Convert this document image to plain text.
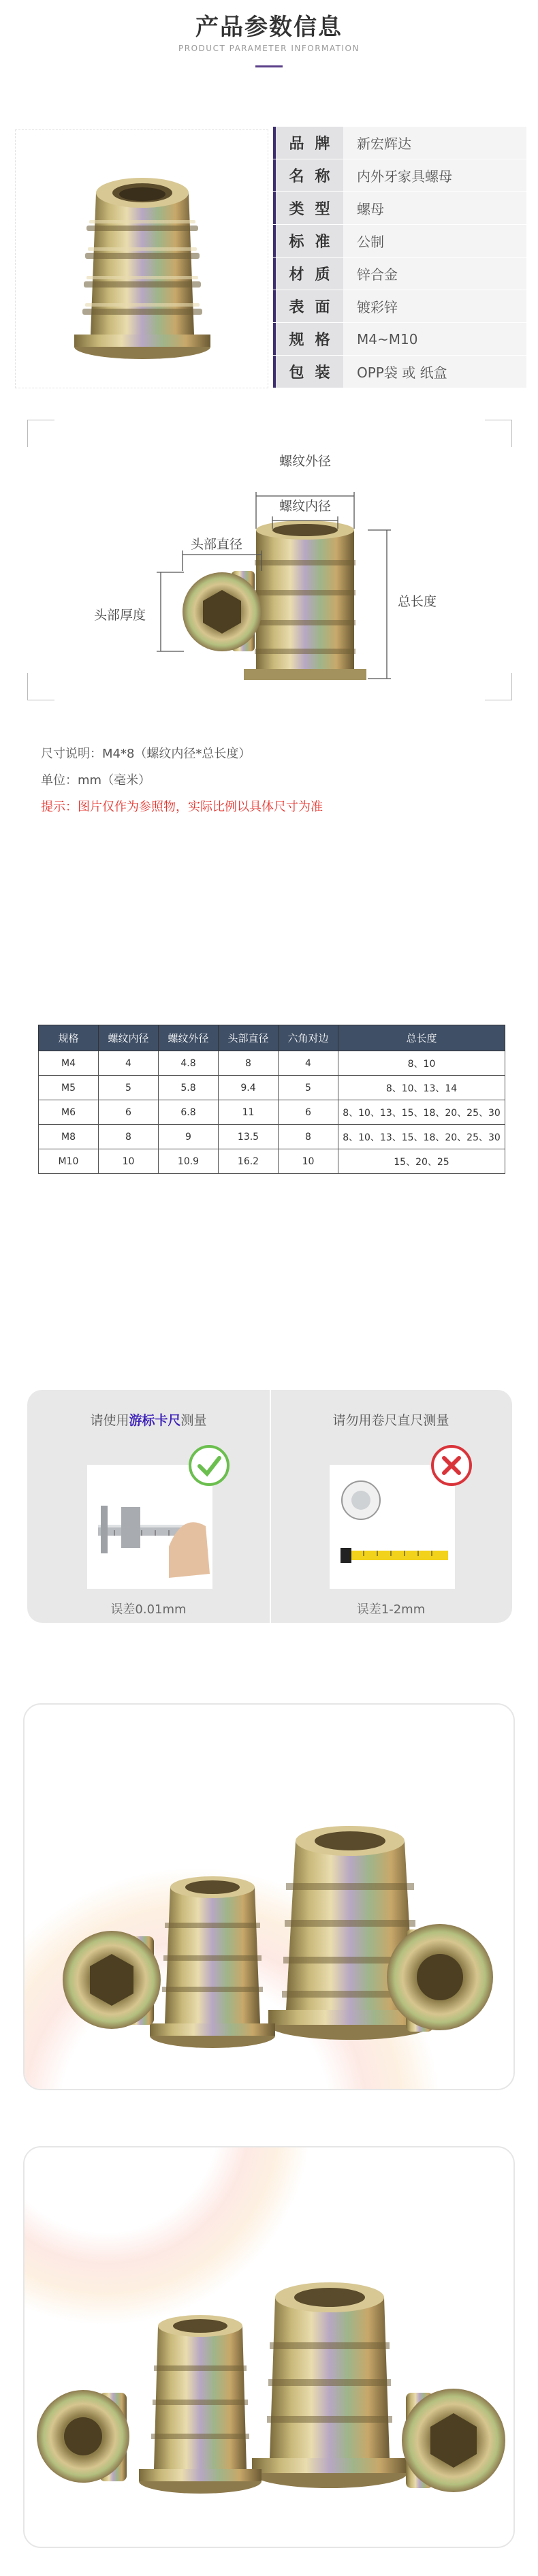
产品参数信息
PRODUCT PARAMETER INFORMATION
品牌	新宏辉达
名称	内外牙家具螺母
类型	螺母
标准	公制
材质	锌合金
表面	镀彩锌
规格	M4~M10
包装	OPP袋 或 纸盒
螺纹外径
螺纹内径
头部直径
头部厚度
总长度
尺寸说明：M4*8（螺纹内径*总长度）
单位：mm（毫米）
提示：图片仅作为参照物，实际比例以具体尺寸为准
规格	螺纹内径	螺纹外径	头部直径	六角对边	总长度
M4	4	4.8	8	4	8、10
M5	5	5.8	9.4	5	8、10、13、14
M6	6	6.8	11	6	8、10、13、15、18、20、25、30
M8	8	9	13.5	8	8、10、13、15、18、20、25、30
M10	10	10.9	16.2	10	15、20、25
请使用游标卡尺测量
误差0.01mm
请勿用卷尺直尺测量
误差1-2mm
